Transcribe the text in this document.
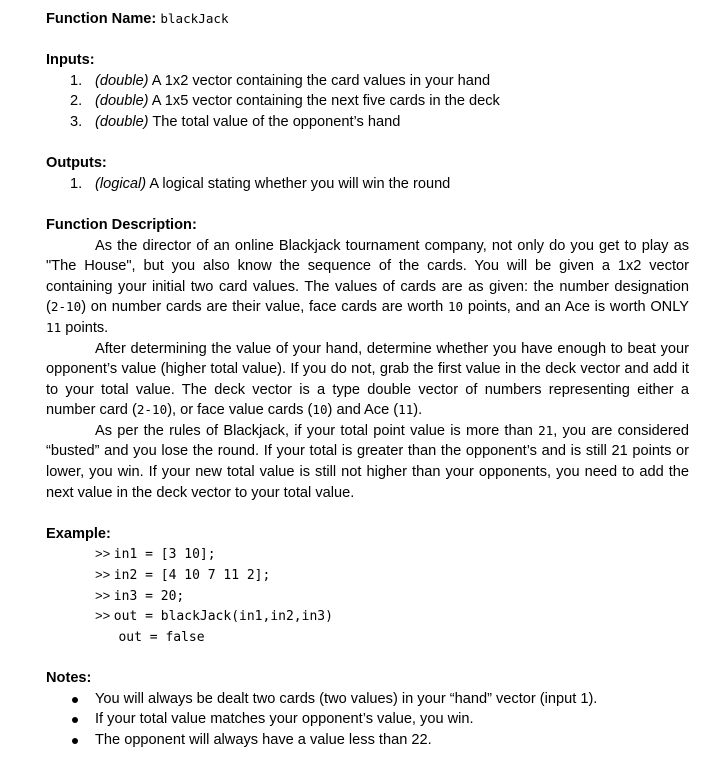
Function Name: blackJack
Inputs:
1. (double) A 1x2 vector containing the card values in your hand
2. (double) A 1x5 vector containing the next five cards in the deck
3. (double) The total value of the opponent’s hand
Outputs:
1. (logical) A logical stating whether you will win the round
Function Description:

As the director of an online Blackjack tournament company, not only do you get to play as "The House", but you also know the sequence of the cards. You will be given a 1x2 vector containing your initial two card values. The values of cards are as given: the number designation (2-10) on number cards are their value, face cards are worth 10 points, and an Ace is worth ONLY 11 points.

After determining the value of your hand, determine whether you have enough to beat your opponent’s value (higher total value). If you do not, grab the first value in the deck vector and add it to your total value. The deck vector is a type double vector of numbers representing either a number card (2-10), or face value cards (10) and Ace (11).

As per the rules of Blackjack, if your total point value is more than 21, you are considered “busted” and you lose the round. If your total is greater than the opponent’s and is still 21 points or lower, you win. If your new total value is still not higher than your opponents, you need to add the next value in the deck vector to your total value.

Example:
>> in1 = [3 10];
>> in2 = [4 10 7 11 2];
>> in3 = 20;
>> out = blackJack(in1,in2,in3)
out = false
Notes:
You will always be dealt two cards (two values) in your “hand” vector (input 1).
If your total value matches your opponent’s value, you win.
The opponent will always have a value less than 22.
